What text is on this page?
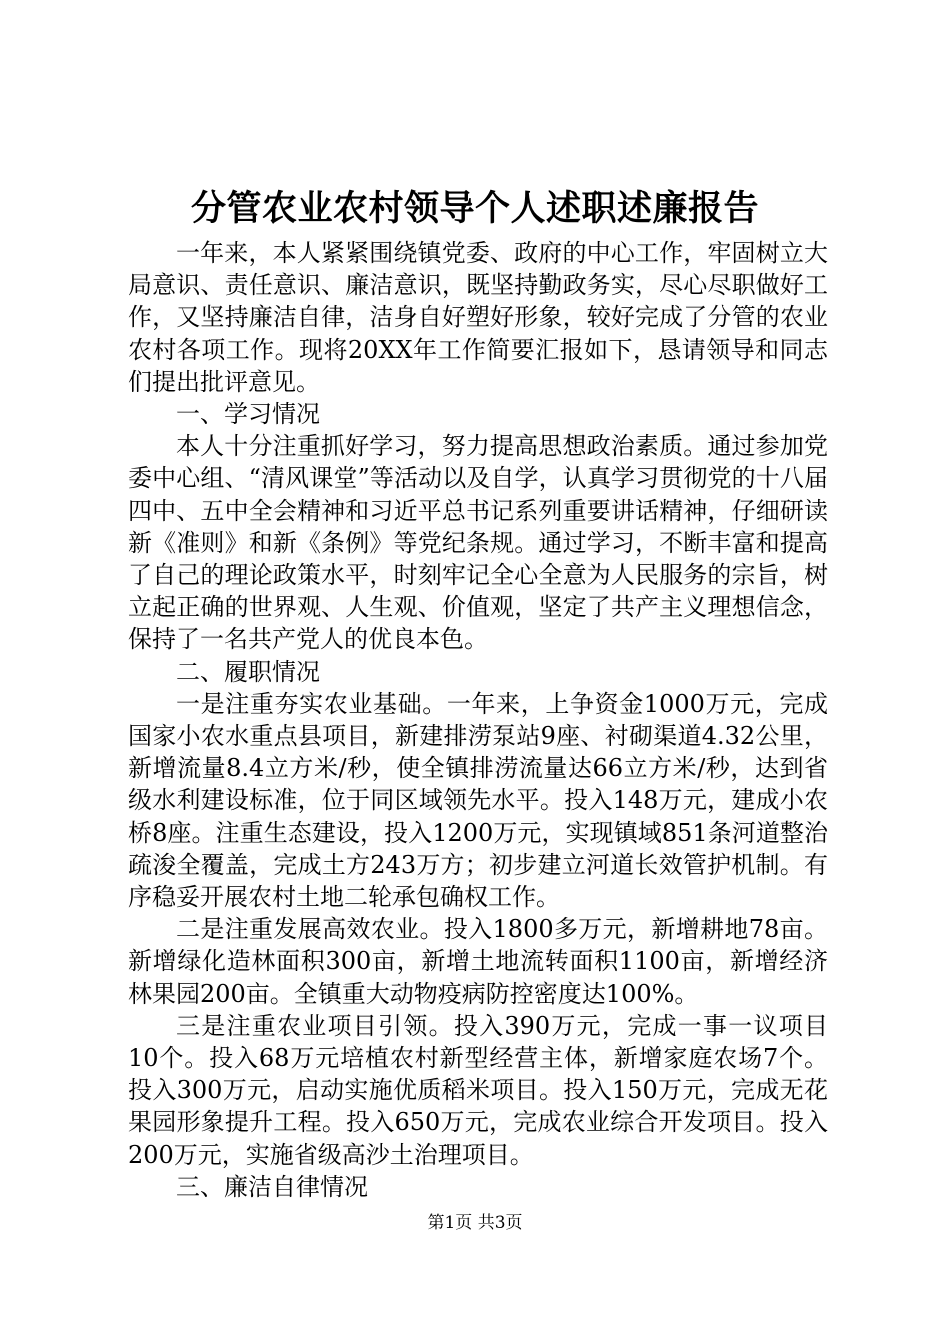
分管农业农村领导个人述职述廉报告

一年来，本人紧紧围绕镇党委、政府的中心工作，牢固树立大局意识、责任意识、廉洁意识，既坚持勤政务实，尽心尽职做好工作，又坚持廉洁自律，洁身自好塑好形象，较好完成了分管的农业农村各项工作。现将20XX年工作简要汇报如下，恳请领导和同志们提出批评意见。

一、学习情况

本人十分注重抓好学习，努力提高思想政治素质。通过参加党委中心组、“清风课堂”等活动以及自学，认真学习贯彻党的十八届四中、五中全会精神和习近平总书记系列重要讲话精神，仔细研读新《准则》和新《条例》等党纪条规。通过学习，不断丰富和提高了自己的理论政策水平，时刻牢记全心全意为人民服务的宗旨，树立起正确的世界观、人生观、价值观，坚定了共产主义理想信念，保持了一名共产党人的优良本色。

二、履职情况

一是注重夯实农业基础。一年来，上争资金1000万元，完成国家小农水重点县项目，新建排涝泵站9座、衬砌渠道4.32公里，新增流量8.4立方米/秒，使全镇排涝流量达66立方米/秒，达到省级水利建设标准，位于同区域领先水平。投入148万元，建成小农桥8座。注重生态建设，投入1200万元，实现镇域851条河道整治疏浚全覆盖，完成土方243万方；初步建立河道长效管护机制。有序稳妥开展农村土地二轮承包确权工作。

二是注重发展高效农业。投入1800多万元，新增耕地78亩。新增绿化造林面积300亩，新增土地流转面积1100亩，新增经济林果园200亩。全镇重大动物疫病防控密度达100%。

三是注重农业项目引领。投入390万元，完成一事一议项目10个。投入68万元培植农村新型经营主体，新增家庭农场7个。投入300万元，启动实施优质稻米项目。投入150万元，完成无花果园形象提升工程。投入650万元，完成农业综合开发项目。投入200万元，实施省级高沙土治理项目。

三、廉洁自律情况

第1页 共3页
